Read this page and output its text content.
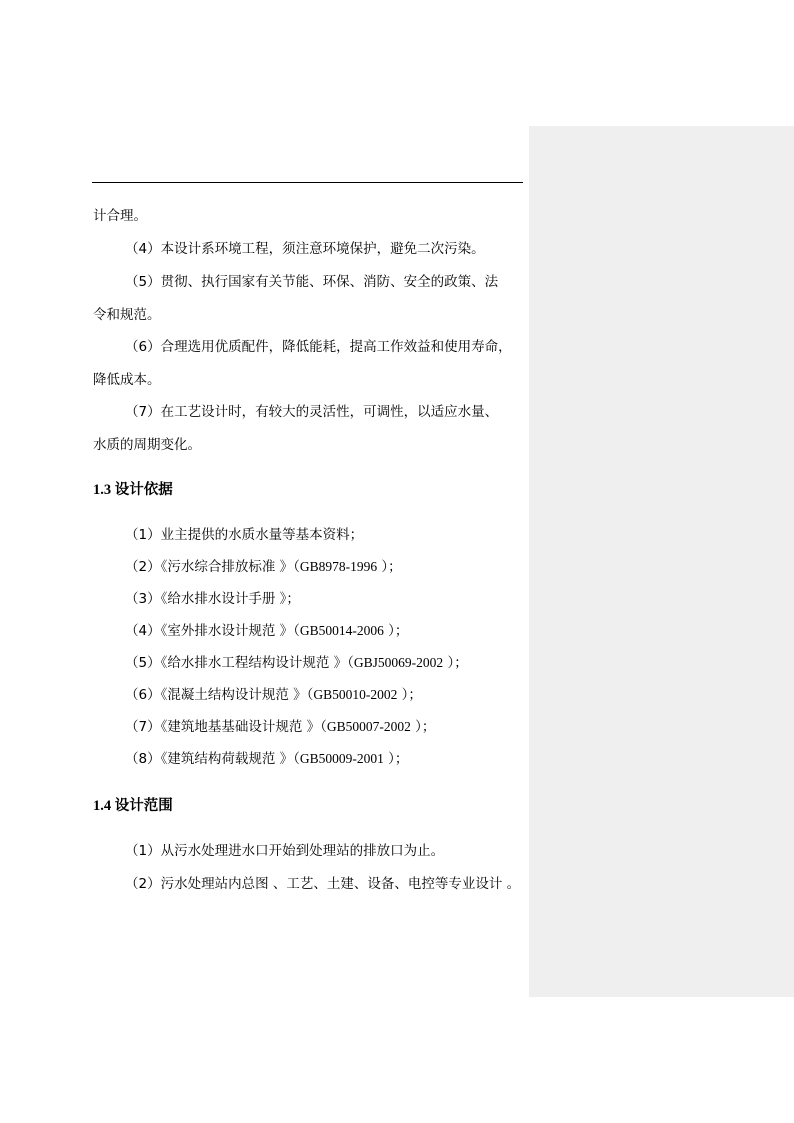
计合理。
（4）本设计系环境工程，须注意环境保护，避免二次污染。
（5）贯彻、执行国家有关节能、环保、消防、安全的政策、法
令和规范。
（6）合理选用优质配件，降低能耗，提高工作效益和使用寿命，
降低成本。
（7）在工艺设计时，有较大的灵活性，可调性，以适应水量、
水质的周期变化。
1.3 设计依据
（1）业主提供的水质水量等基本资料；
（2）《污水综合排放标准 》（GB8978-1996 ）；
（3）《给水排水设计手册 》；
（4）《室外排水设计规范 》（GB50014-2006 ）；
（5）《给水排水工程结构设计规范 》（GBJ50069-2002 ）；
（6）《混凝土结构设计规范 》（GB50010-2002 ）；
（7）《建筑地基基础设计规范 》（GB50007-2002 ）；
（8）《建筑结构荷载规范 》（GB50009-2001 ）；
1.4 设计范围
（1）从污水处理进水口开始到处理站的排放口为止。
（2）污水处理站内总图 、工艺、土建、设备、电控等专业设计 。
